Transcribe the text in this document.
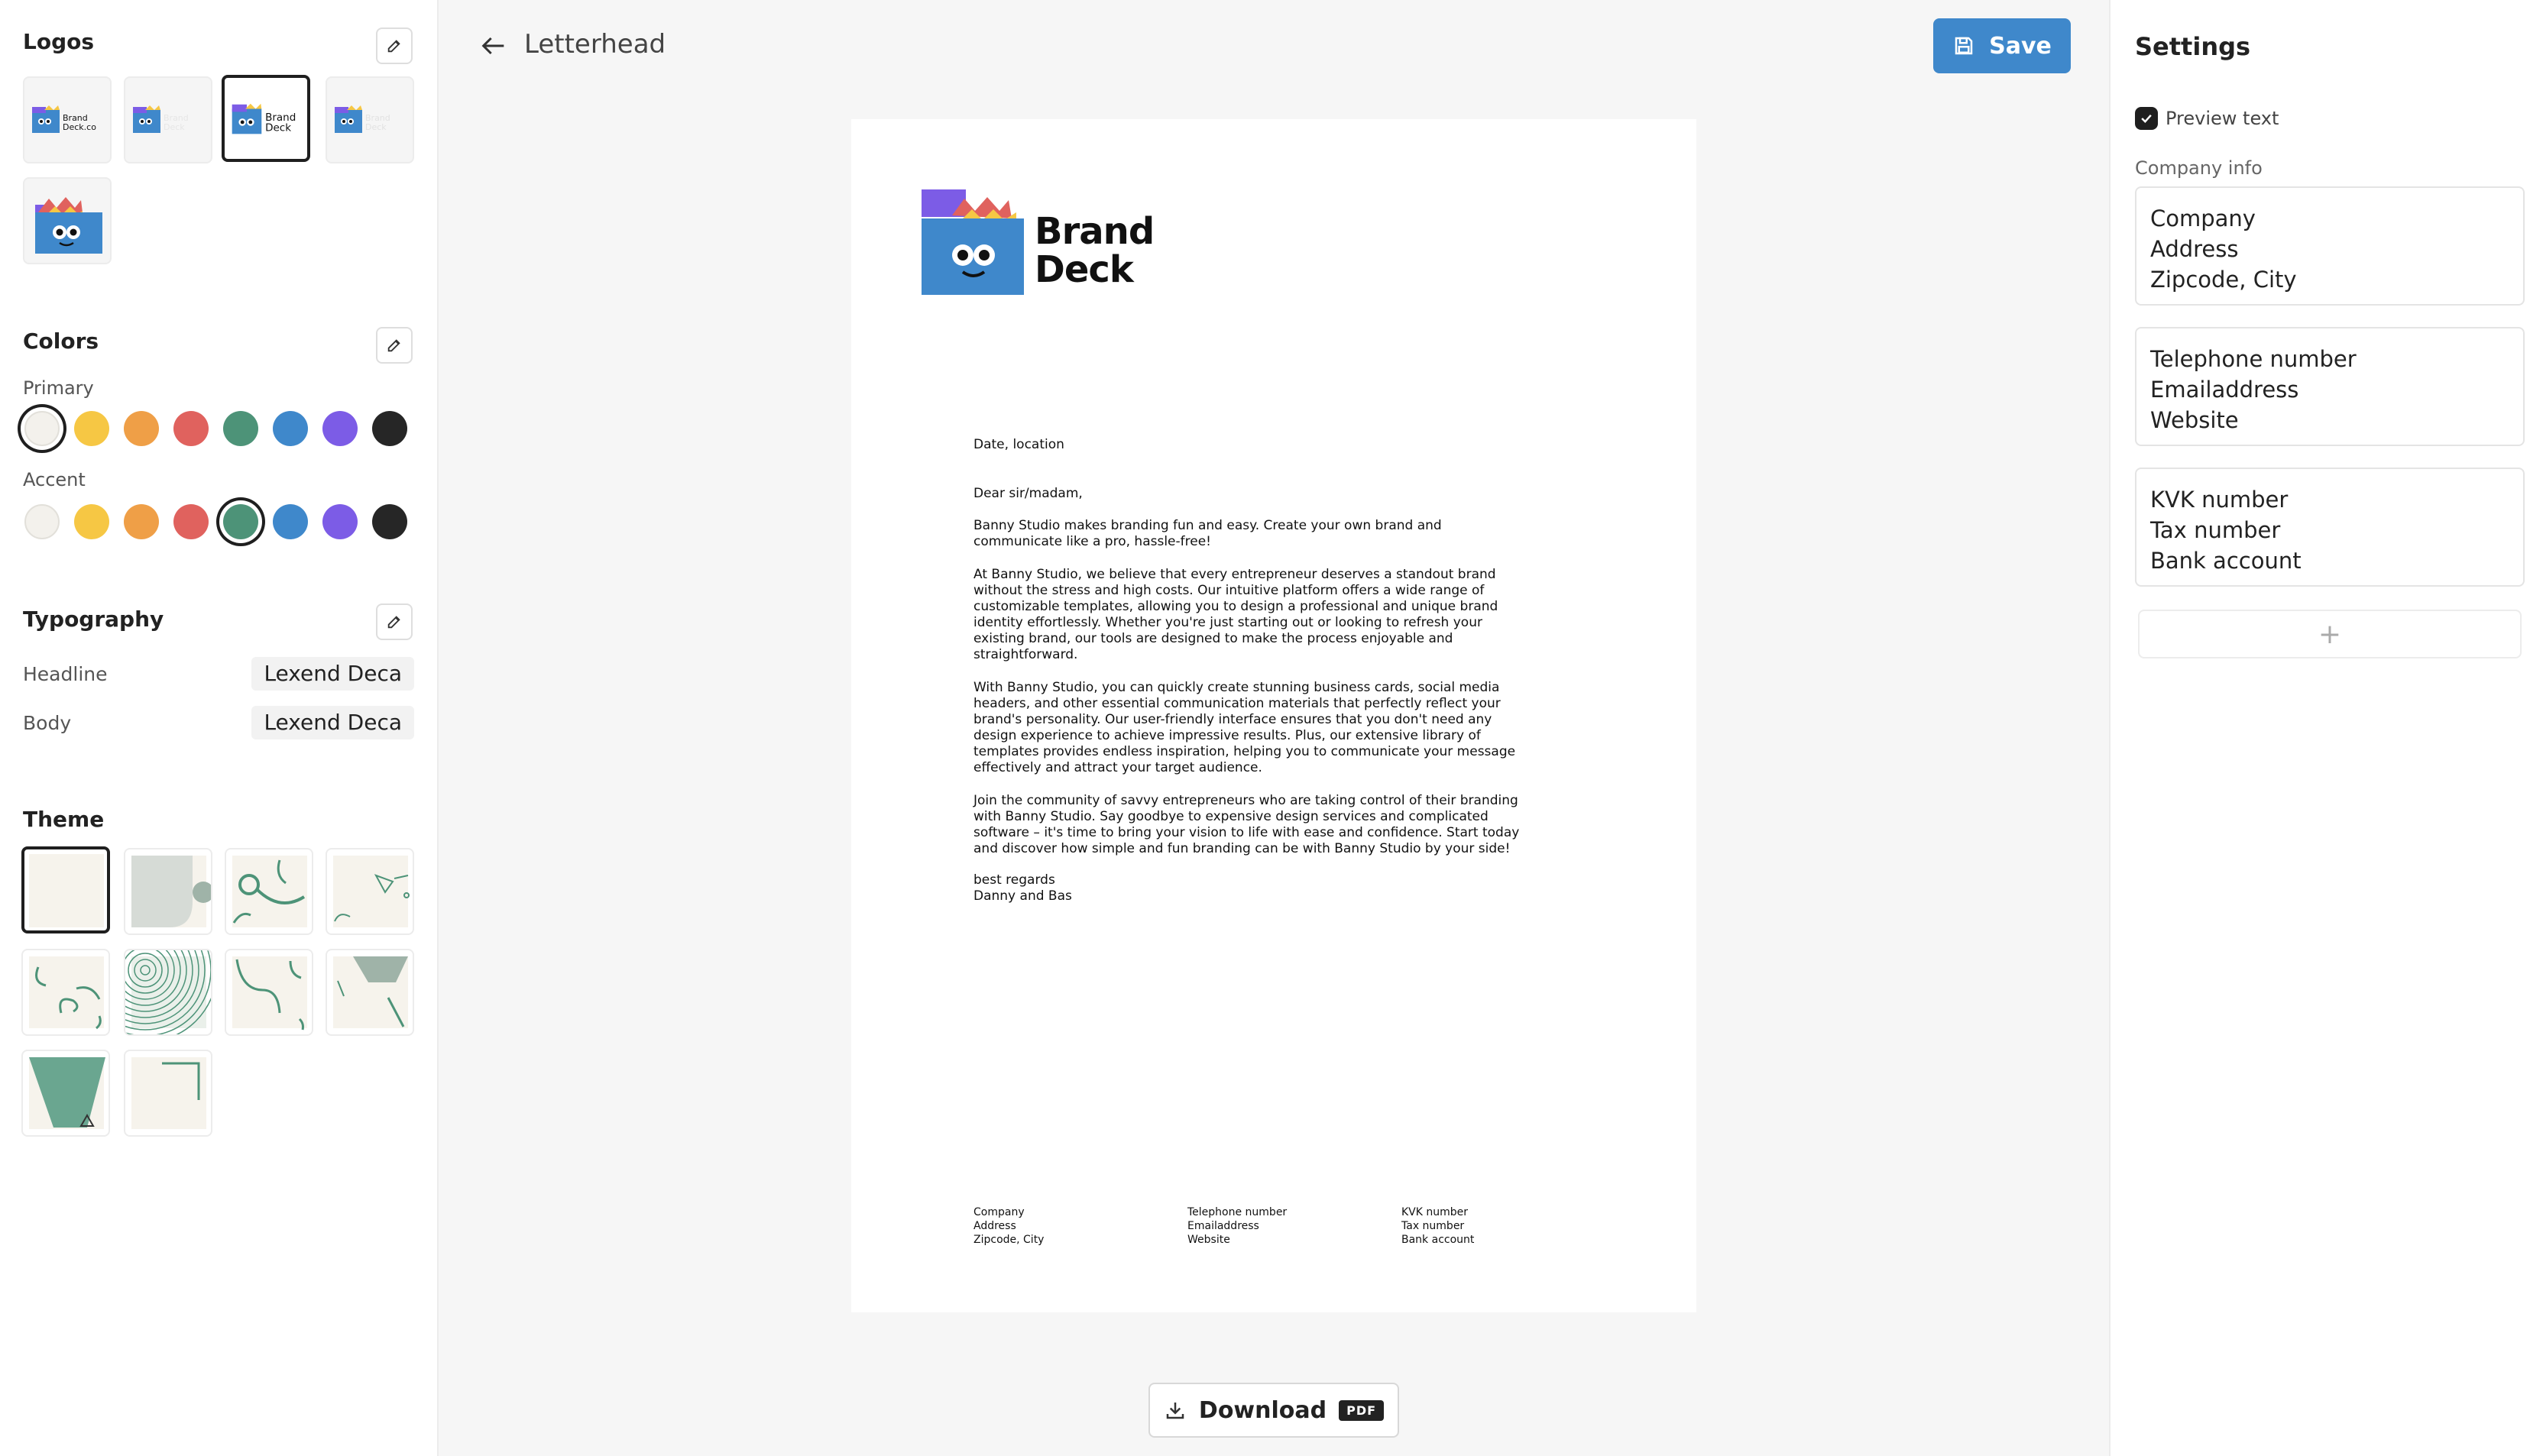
Logos
Brand
Deck.co
Brand
Deck
Brand
Deck
Brand
Deck
Colors
Primary
Accent
Typography
Headline	Lexend Deca
Body	Lexend Deca
Theme
Letterhead	Save
Date, location
Dear sir/madam,
Banny Studio makes branding fun and easy. Create your own brand and
communicate like a pro, hassle-free!
At Banny Studio, we believe that every entrepreneur deserves a standout brand
without the stress and high costs. Our intuitive platform offers a wide range of
customizable templates, allowing you to design a professional and unique brand
identity effortlessly. Whether you're just starting out or looking to refresh your
existing brand, our tools are designed to make the process enjoyable and
straightforward.
With Banny Studio, you can quickly create stunning business cards, social media
headers, and other essential communication materials that perfectly reflect your
brand's personality. Our user-friendly interface ensures that you don't need any
design experience to achieve impressive results. Plus, our extensive library of
templates provides endless inspiration, helping you to communicate your message
effectively and attract your target audience.
Join the community of savvy entrepreneurs who are taking control of their branding
with Banny Studio. Say goodbye to expensive design services and complicated
software – it's time to bring your vision to life with ease and confidence. Start today
and discover how simple and fun branding can be with Banny Studio by your side!
best regards
Danny and Bas
Company
Address
Zipcode, City
Telephone number
Emailaddress
Website
KVK number
Tax number
Bank account
Brand
Deck
Download	PDF
Settings
Preview text
Company info
Company
Address
Zipcode, City
Telephone number
Emailaddress
Website
KVK number
Tax number
Bank account
+
